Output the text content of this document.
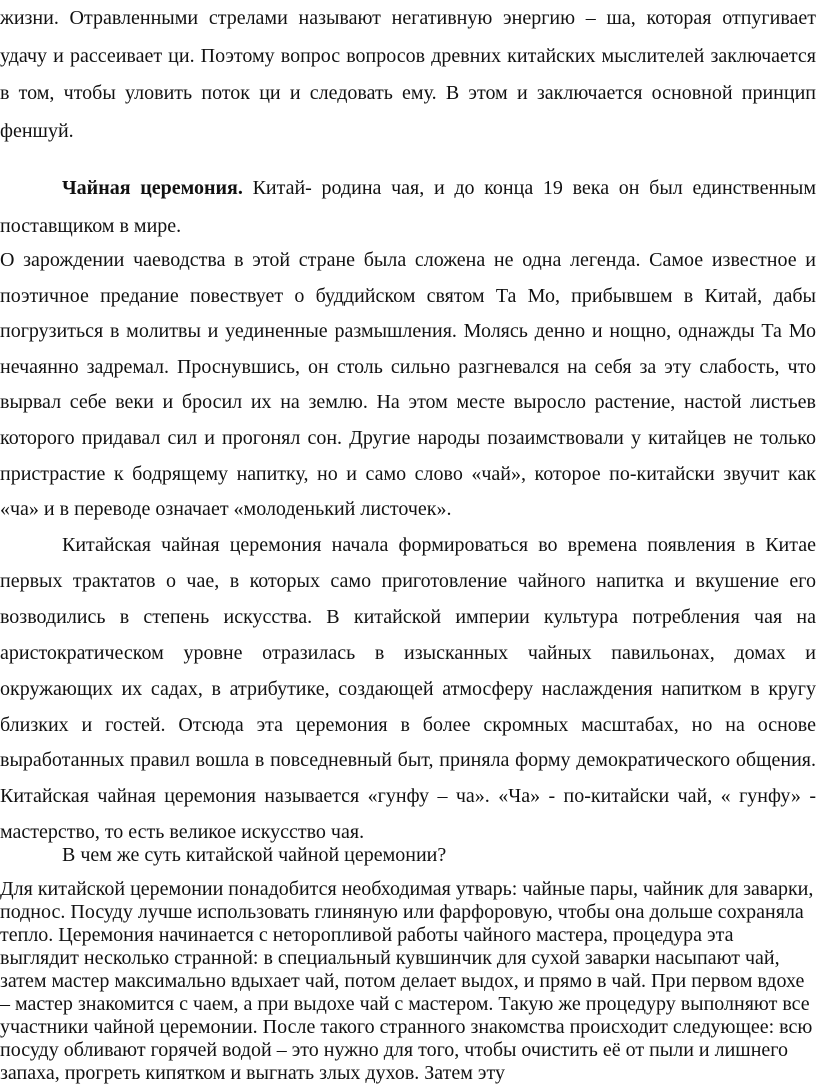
жизни. Отравленными стрелами называют негативную энергию – ша, которая отпугивает удачу и рассеивает ци. Поэтому вопрос вопросов древних китайских мыслителей заключается в том, чтобы уловить поток ци и следовать ему. В этом и заключается основной принцип феншуй.

Чайная церемония. Китай- родина чая, и до конца 19 века он был единственным поставщиком в мире.

О зарождении чаеводства в этой стране была сложена не одна легенда. Самое известное и поэтичное предание повествует о буддийском святом Та Мо, прибывшем в Китай, дабы погрузиться в молитвы и уединенные размышления. Молясь денно и нощно, однажды Та Мо нечаянно задремал. Проснувшись, он столь сильно разгневался на себя за эту слабость, что вырвал себе веки и бросил их на землю. На этом месте выросло растение, настой листьев которого придавал сил и прогонял сон. Другие народы позаимствовали у китайцев не только пристрастие к бодрящему напитку, но и само слово «чай», которое по-китайски звучит как «ча» и в переводе означает «молоденький листочек».

Китайская чайная церемония начала формироваться во времена появления в Китае первых трактатов о чае, в которых само приготовление чайного напитка и вкушение его возводились в степень искусства. В китайской империи культура потребления чая на аристократическом уровне отразилась в изысканных чайных павильонах, домах и окружающих их садах, в атрибутике, создающей атмосферу наслаждения напитком в кругу близких и гостей. Отсюда эта церемония в более скромных масштабах, но на основе выработанных правил вошла в повседневный быт, приняла форму демократического общения. Китайская чайная церемония называется «гунфу – ча». «Ча» - по-китайски чай, « гунфу» - мастерство, то есть великое искусство чая.

В чем же суть китайской чайной церемонии?

Для китайской церемонии понадобится необходимая утварь: чайные пары, чайник для заварки, поднос. Посуду лучше использовать глиняную или фарфоровую, чтобы она дольше сохраняла тепло. Церемония начинается с неторопливой работы чайного мастера, процедура эта выглядит несколько странной: в специальный кувшинчик для сухой заварки насыпают чай, затем мастер максимально вдыхает чай, потом делает выдох, и прямо в чай. При первом вдохе – мастер знакомится с чаем, а при выдохе чай с мастером. Такую же процедуру выполняют все участники чайной церемонии. После такого странного знакомства происходит следующее: всю посуду обливают горячей водой – это нужно для того, чтобы очистить её от пыли и лишнего запаха, прогреть кипятком и выгнать злых духов. Затем эту
